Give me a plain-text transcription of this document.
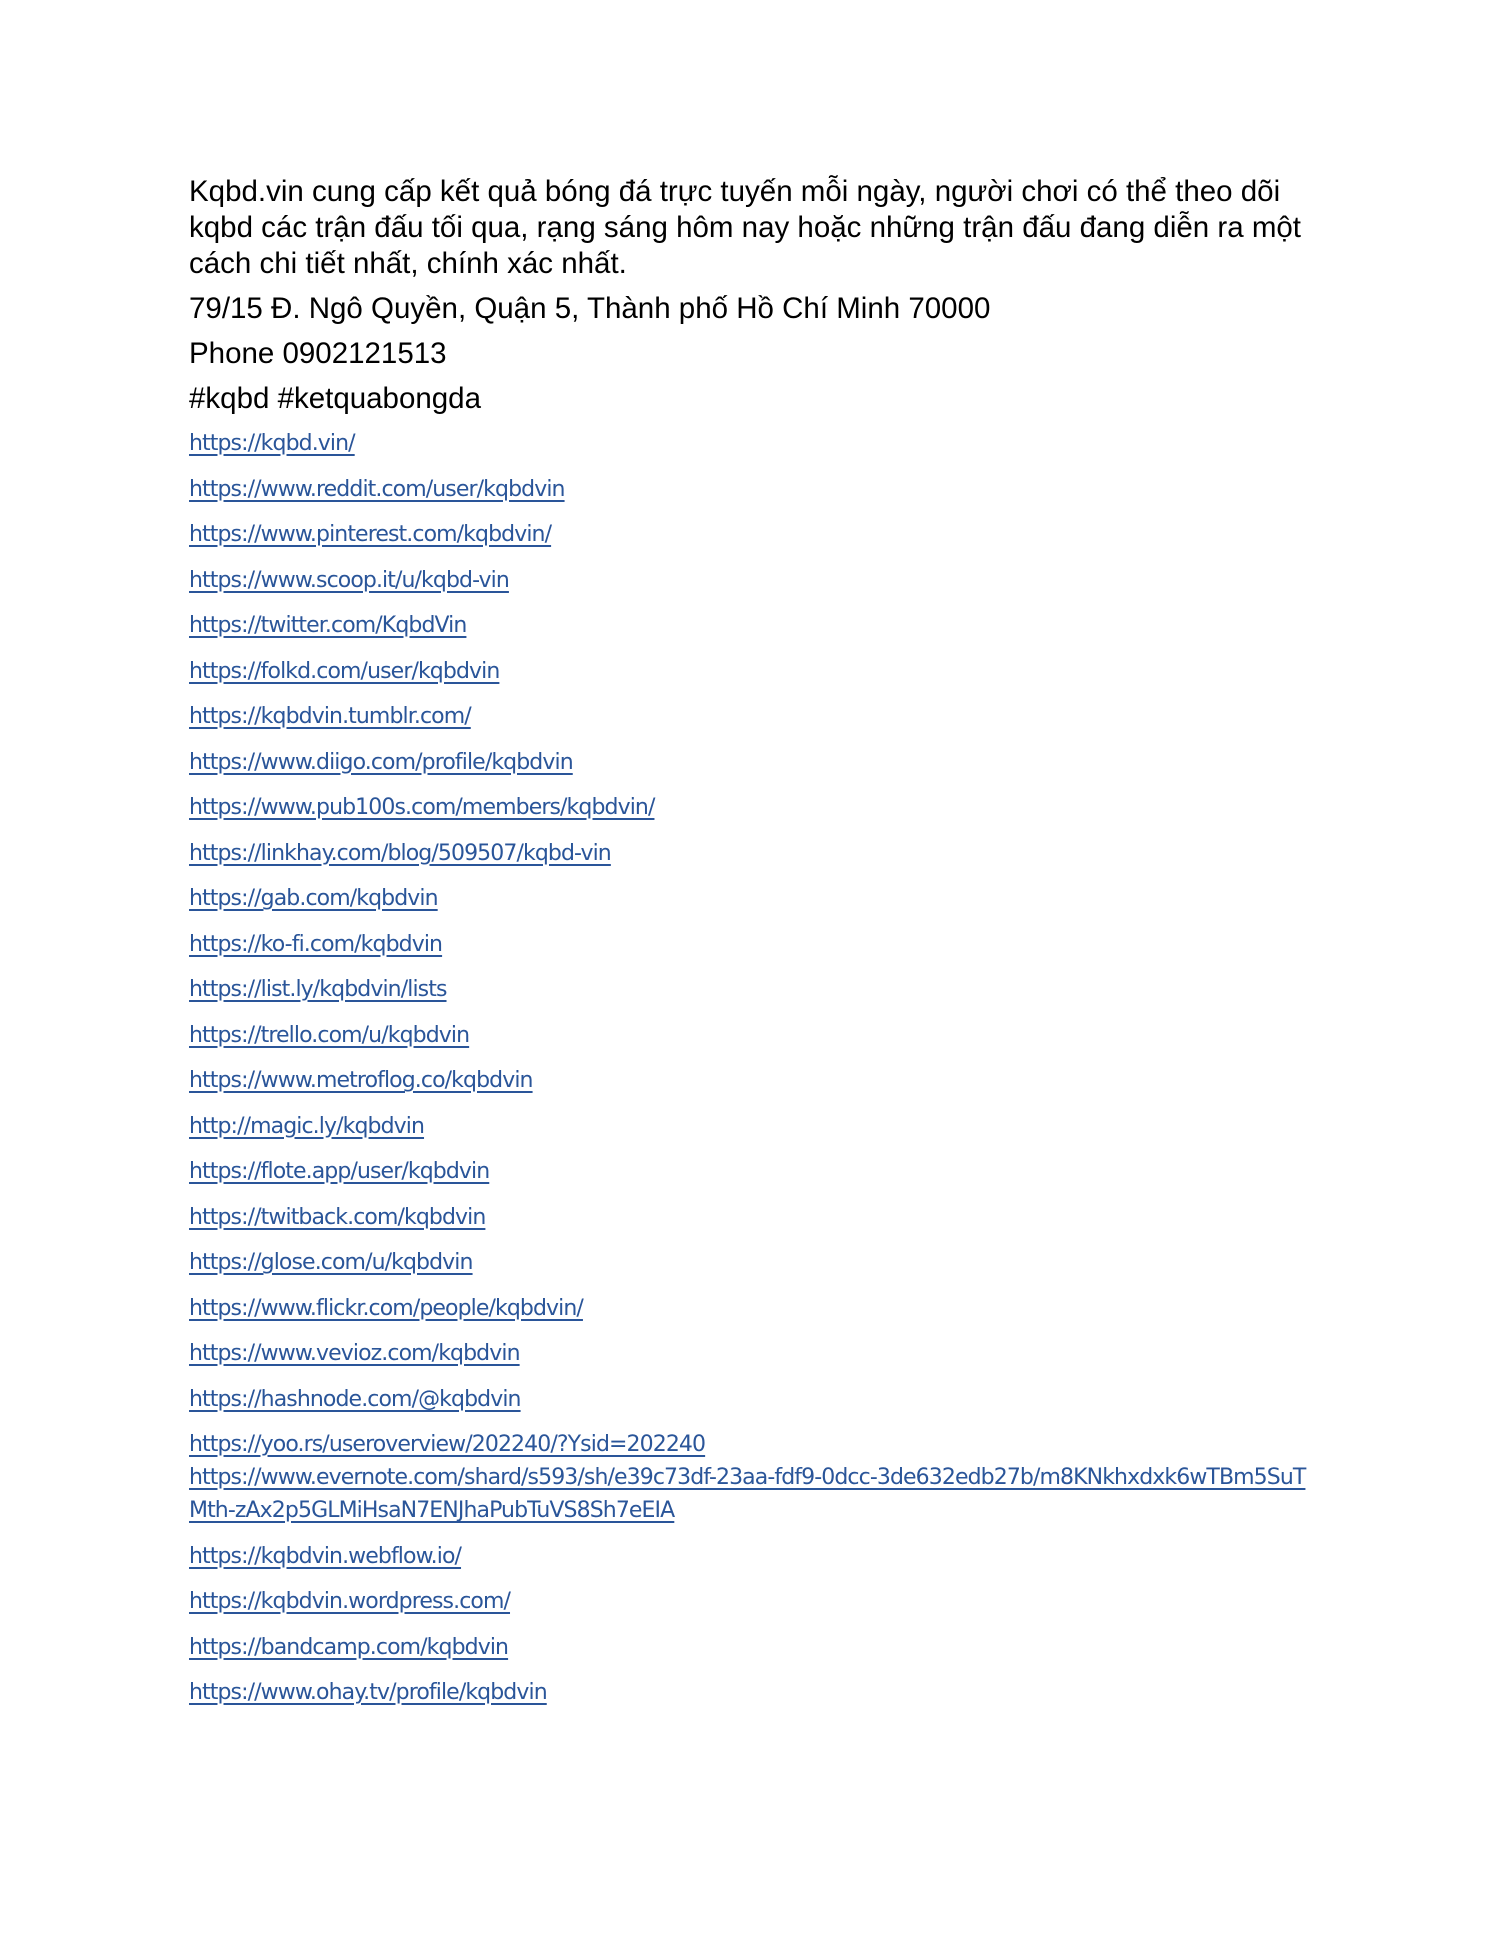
Kqbd.vin cung cấp kết quả bóng đá trực tuyến mỗi ngày, người chơi có thể theo dõi kqbd các trận đấu tối qua, rạng sáng hôm nay hoặc những trận đấu đang diễn ra một cách chi tiết nhất, chính xác nhất.

79/15 Đ. Ngô Quyền, Quận 5, Thành phố Hồ Chí Minh 70000

Phone 0902121513

#kqbd #ketquabongda

https://kqbd.vin/
https://www.reddit.com/user/kqbdvin
https://www.pinterest.com/kqbdvin/
https://www.scoop.it/u/kqbd-vin
https://twitter.com/KqbdVin
https://folkd.com/user/kqbdvin
https://kqbdvin.tumblr.com/
https://www.diigo.com/profile/kqbdvin
https://www.pub100s.com/members/kqbdvin/
https://linkhay.com/blog/509507/kqbd-vin
https://gab.com/kqbdvin
https://ko-fi.com/kqbdvin
https://list.ly/kqbdvin/lists
https://trello.com/u/kqbdvin
https://www.metroflog.co/kqbdvin
http://magic.ly/kqbdvin
https://flote.app/user/kqbdvin
https://twitback.com/kqbdvin
https://glose.com/u/kqbdvin
https://www.flickr.com/people/kqbdvin/
https://www.vevioz.com/kqbdvin
https://hashnode.com/@kqbdvin
https://yoo.rs/useroverview/202240/?Ysid=202240
https://www.evernote.com/shard/s593/sh/e39c73df-23aa-fdf9-0dcc-3de632edb27b/m8KNkhxdxk6wTBm5SuTMth-zAx2p5GLMiHsaN7ENJhaPubTuVS8Sh7eEIA
https://kqbdvin.webflow.io/
https://kqbdvin.wordpress.com/
https://bandcamp.com/kqbdvin
https://www.ohay.tv/profile/kqbdvin
